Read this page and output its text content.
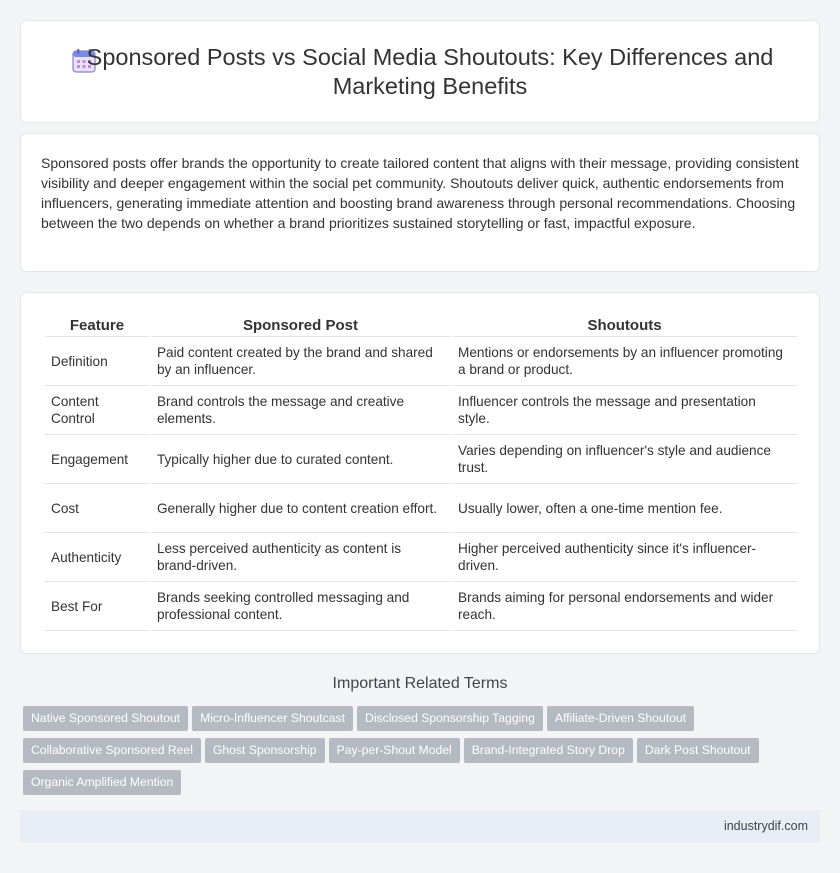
Sponsored Posts vs Social Media Shoutouts: Key Differences and Marketing Benefits

Sponsored posts offer brands the opportunity to create tailored content that aligns with their message, providing consistent visibility and deeper engagement within the social pet community. Shoutouts deliver quick, authentic endorsements from influencers, generating immediate attention and boosting brand awareness through personal recommendations. Choosing between the two depends on whether a brand prioritizes sustained storytelling or fast, impactful exposure.

Feature	Sponsored Post	Shoutouts
Definition	Paid content created by the brand and shared by an influencer.	Mentions or endorsements by an influencer promoting a brand or product.
Content Control	Brand controls the message and creative elements.	Influencer controls the message and presentation style.
Engagement	Typically higher due to curated content.	Varies depending on influencer's style and audience trust.
Cost	Generally higher due to content creation effort.	Usually lower, often a one-time mention fee.
Authenticity	Less perceived authenticity as content is brand-driven.	Higher perceived authenticity since it's influencer-driven.
Best For	Brands seeking controlled messaging and professional content.	Brands aiming for personal endorsements and wider reach.
Important Related Terms
Native Sponsored Shoutout Micro-Influencer Shoutcast Disclosed Sponsorship Tagging Affiliate-Driven Shoutout
Collaborative Sponsored Reel Ghost Sponsorship Pay-per-Shout Model Brand-Integrated Story Drop Dark Post Shoutout
Organic Amplified Mention
industrydif.com
